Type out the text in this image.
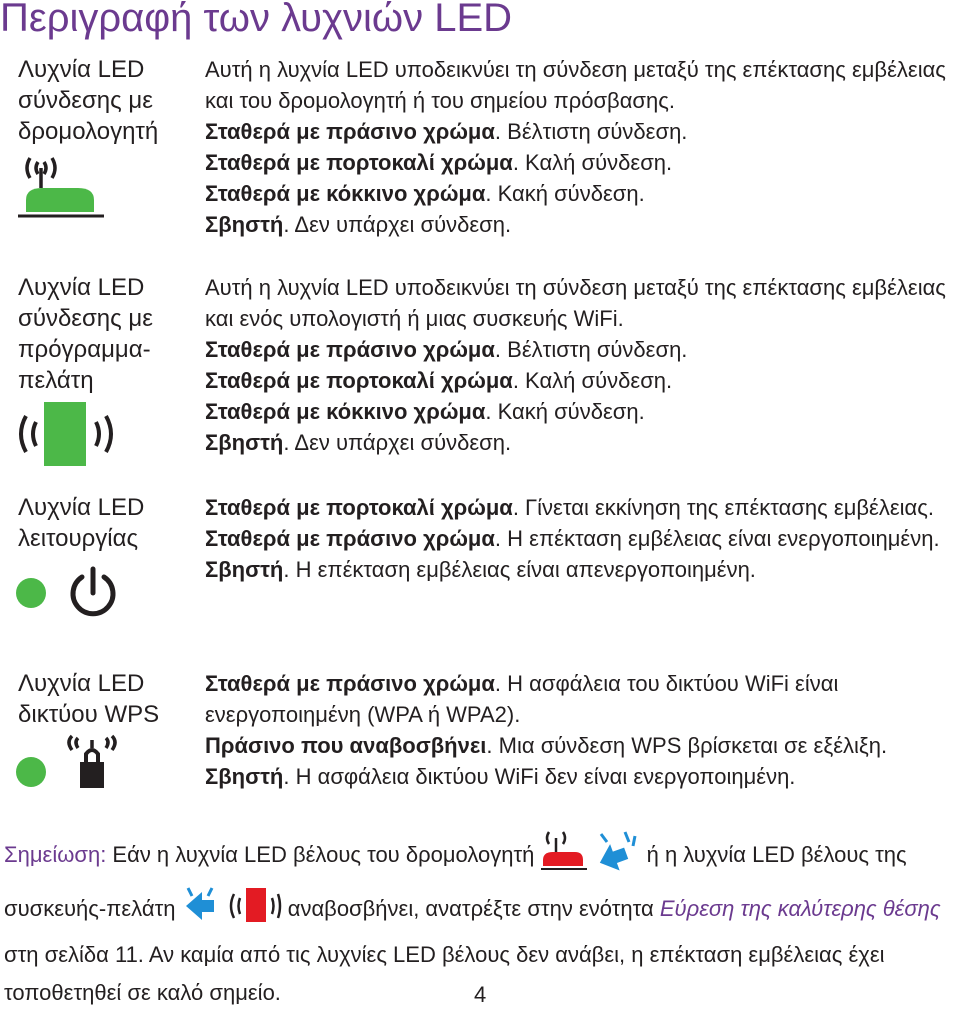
Περιγραφή των λυχνιών LED
Λυχνία LED σύνδεσης με δρομολογητή

Αυτή η λυχνία LED υποδεικνύει τη σύνδεση μεταξύ της επέκτασης εμβέλειας και του δρομολογητή ή του σημείου πρόσβασης.

Σταθερά με πράσινο χρώμα. Βέλτιστη σύνδεση.

Σταθερά με πορτοκαλί χρώμα. Καλή σύνδεση.

Σταθερά με κόκκινο χρώμα. Κακή σύνδεση.

Σβηστή. Δεν υπάρχει σύνδεση.

Λυχνία LED σύνδεσης με πρόγραμμα-πελάτη

Αυτή η λυχνία LED υποδεικνύει τη σύνδεση μεταξύ της επέκτασης εμβέλειας και ενός υπολογιστή ή μιας συσκευής WiFi.

Σταθερά με πράσινο χρώμα. Βέλτιστη σύνδεση.

Σταθερά με πορτοκαλί χρώμα. Καλή σύνδεση.

Σταθερά με κόκκινο χρώμα. Κακή σύνδεση.

Σβηστή. Δεν υπάρχει σύνδεση.

Λυχνία LED λειτουργίας

Σταθερά με πορτοκαλί χρώμα. Γίνεται εκκίνηση της επέκτασης εμβέλειας.

Σταθερά με πράσινο χρώμα. Η επέκταση εμβέλειας είναι ενεργοποιημένη.

Σβηστή. Η επέκταση εμβέλειας είναι απενεργοποιημένη.

Λυχνία LED δικτύου WPS

Σταθερά με πράσινο χρώμα. Η ασφάλεια του δικτύου WiFi είναι ενεργοποιημένη (WPA ή WPA2).

Πράσινο που αναβοσβήνει. Μια σύνδεση WPS βρίσκεται σε εξέλιξη.

Σβηστή. Η ασφάλεια δικτύου WiFi δεν είναι ενεργοποιημένη.

Σημείωση: Εάν η λυχνία LED βέλους του δρομολογητή	ή η λυχνία LED βέλους της συσκευής-πελάτη	αναβοσβήνει, ανατρέξτε στην ενότητα Εύρεση της καλύτερης θέσης στη σελίδα 11. Αν καμία από τις λυχνίες LED βέλους δεν ανάβει, η επέκταση εμβέλειας έχει τοποθετηθεί σε καλό σημείο.	4
